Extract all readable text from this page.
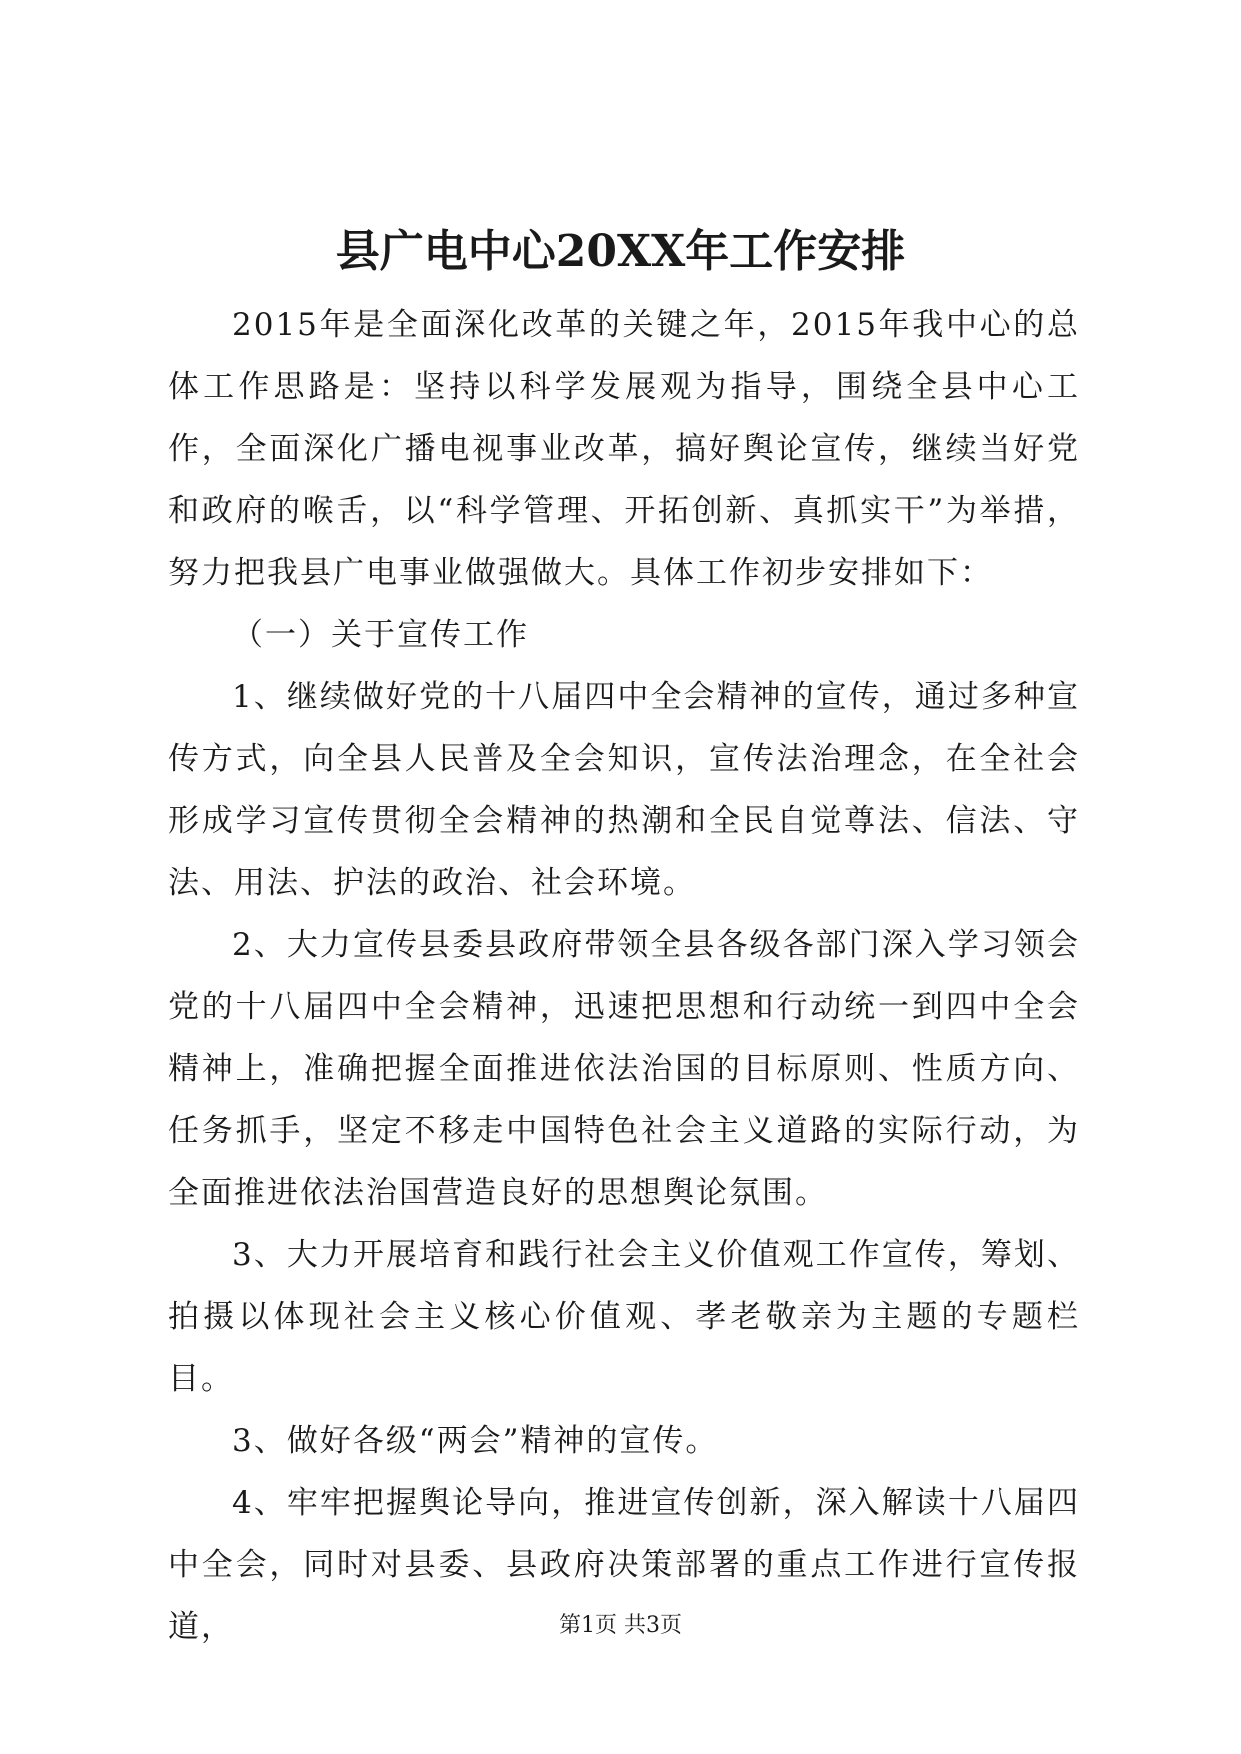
县广电中心20XX年工作安排

2015年是全面深化改革的关键之年，2015年我中心的总体工作思路是：坚持以科学发展观为指导，围绕全县中心工作，全面深化广播电视事业改革，搞好舆论宣传，继续当好党和政府的喉舌，以“科学管理、开拓创新、真抓实干”为举措，努力把我县广电事业做强做大。具体工作初步安排如下：

（一）关于宣传工作

1、继续做好党的十八届四中全会精神的宣传，通过多种宣传方式，向全县人民普及全会知识，宣传法治理念，在全社会形成学习宣传贯彻全会精神的热潮和全民自觉尊法、信法、守法、用法、护法的政治、社会环境。

2、大力宣传县委县政府带领全县各级各部门深入学习领会党的十八届四中全会精神，迅速把思想和行动统一到四中全会精神上，准确把握全面推进依法治国的目标原则、性质方向、任务抓手，坚定不移走中国特色社会主义道路的实际行动，为全面推进依法治国营造良好的思想舆论氛围。

3、大力开展培育和践行社会主义价值观工作宣传，筹划、拍摄以体现社会主义核心价值观、孝老敬亲为主题的专题栏目。

3、做好各级“两会”精神的宣传。

4、牢牢把握舆论导向，推进宣传创新，深入解读十八届四中全会，同时对县委、县政府决策部署的重点工作进行宣传报道，	第1页 共3页
